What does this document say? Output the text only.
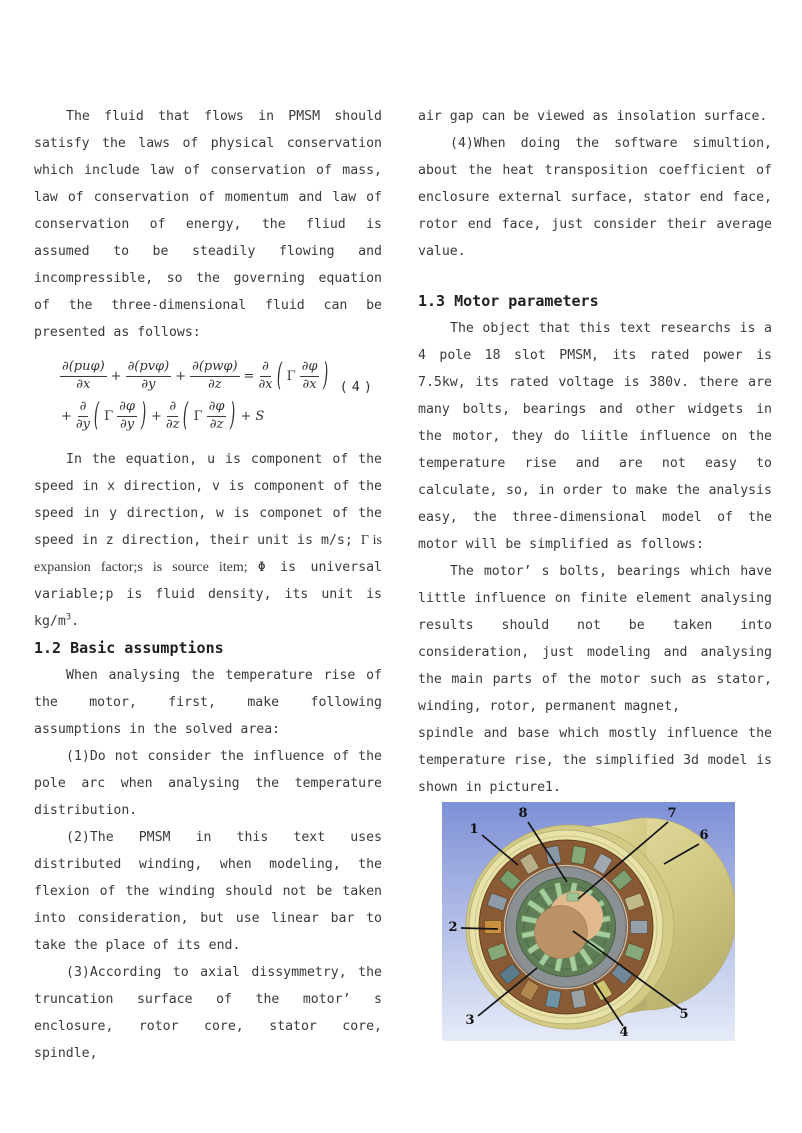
The fluid that flows in PMSM should satisfy the laws of physical conservation which include law of conservation of mass, law of conservation of momentum and law of conservation of energy, the fliud is assumed to be steadily flowing and incompressible, so the governing equation of the three-dimensional fluid can be presented as follows:

$\frac{\text{∂(puφ)}}{\partial x} + \frac{\text{∂(pvφ)}}{\partial y} + \frac{\text{∂(pwφ)}}{\partial z} = \frac{\partial}{\partial x}$ ( Γ $\frac{\partial\varphi}{\partial x}$ )
+ $\frac{\partial}{\partial y}$ ( Γ $\frac{\partial\varphi}{\partial y}$ ) + $\frac{\partial}{\partial z}$ ( Γ $\frac{\partial\varphi}{\partial z}$ ) + S
(4)

In the equation, u is component of the speed in x direction, v is component of the speed in y direction, w is componet of the speed in z direction, their unit is m/s; Γ is expansion factor;s is source item; Φ is universal variable;p is fluid density, its unit is $kg/m^3$.

1.2 Basic assumptions

When analysing the temperature rise of the motor, first, make following assumptions in the solved area:

(1)Do not consider the influence of the pole arc when analysing the temperature distribution.

(2)The PMSM in this text uses distributed winding, when modeling, the flexion of the winding should not be taken into consideration, but use linear bar to take the place of its end.

(3)According to axial dissymmetry, the truncation surface of the motor’ s enclosure, rotor core, stator core, spindle,

air gap can be viewed as insolation surface.

(4)When doing the software simultion, about the heat transposition coefficient of enclosure external surface, stator end face, rotor end face, just consider their average value.

1.3 Motor parameters

The object that this text researchs is a 4 pole 18 slot PMSM, its rated power is 7.5kw, its rated voltage is 380v. there are many bolts, bearings and other widgets in the motor, they do liitle influence on the temperature rise and are not easy to calculate, so, in order to make the analysis easy, the three-dimensional model of the motor will be simplified as follows:

The motor’ s bolts, bearings which have little influence on finite element analysing results should not be taken into consideration, just modeling and analysing the main parts of the motor such as stator, winding, rotor, permanent magnet,

spindle and base which mostly influence the temperature rise, the simplified 3d model is shown in picture1.

1
8	7
6
2
3
4
5
